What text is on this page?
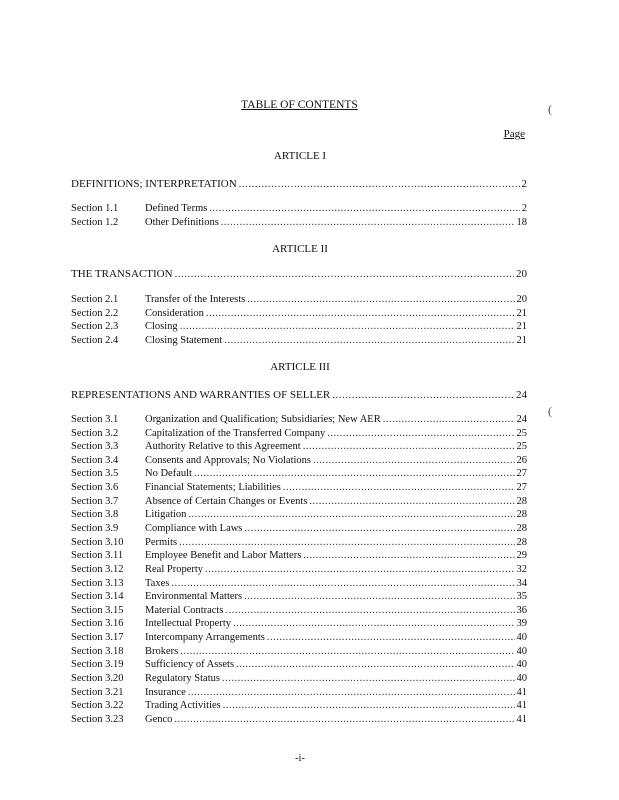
TABLE OF CONTENTS	(
Page
ARTICLE I
DEFINITIONS; INTERPRETATION .....	2
Section 1.1	Defined Terms .....	2
Section 1.2	Other Definitions .....	18
ARTICLE II
THE TRANSACTION .....	20
Section 2.1	Transfer of the Interests .....	20
Section 2.2	Consideration .....	21
Section 2.3	Closing .....	21
Section 2.4	Closing Statement .....	21
ARTICLE III
REPRESENTATIONS AND WARRANTIES OF SELLER .....	24
(
Section 3.1	Organization and Qualification; Subsidiaries; New AER .....	24
Section 3.2	Capitalization of the Transferred Company .....	25
Section 3.3	Authority Relative to this Agreement .....	25
Section 3.4	Consents and Approvals; No Violations .....	26
Section 3.5	No Default .....	27
Section 3.6	Financial Statements; Liabilities .....	27
Section 3.7	Absence of Certain Changes or Events .....	28
Section 3.8	Litigation .....	28
Section 3.9	Compliance with Laws .....	28
Section 3.10	Permits .....	28
Section 3.11	Employee Benefit and Labor Matters .....	29
Section 3.12	Real Property .....	32
Section 3.13	Taxes .....	34
Section 3.14	Environmental Matters .....	35
Section 3.15	Material Contracts .....	36
Section 3.16	Intellectual Property .....	39
Section 3.17	Intercompany Arrangements .....	40
Section 3.18	Brokers .....	40
Section 3.19	Sufficiency of Assets .....	40
Section 3.20	Regulatory Status .....	40
Section 3.21	Insurance .....	41
Section 3.22	Trading Activities .....	41
Section 3.23	Genco .....	41
-i-
